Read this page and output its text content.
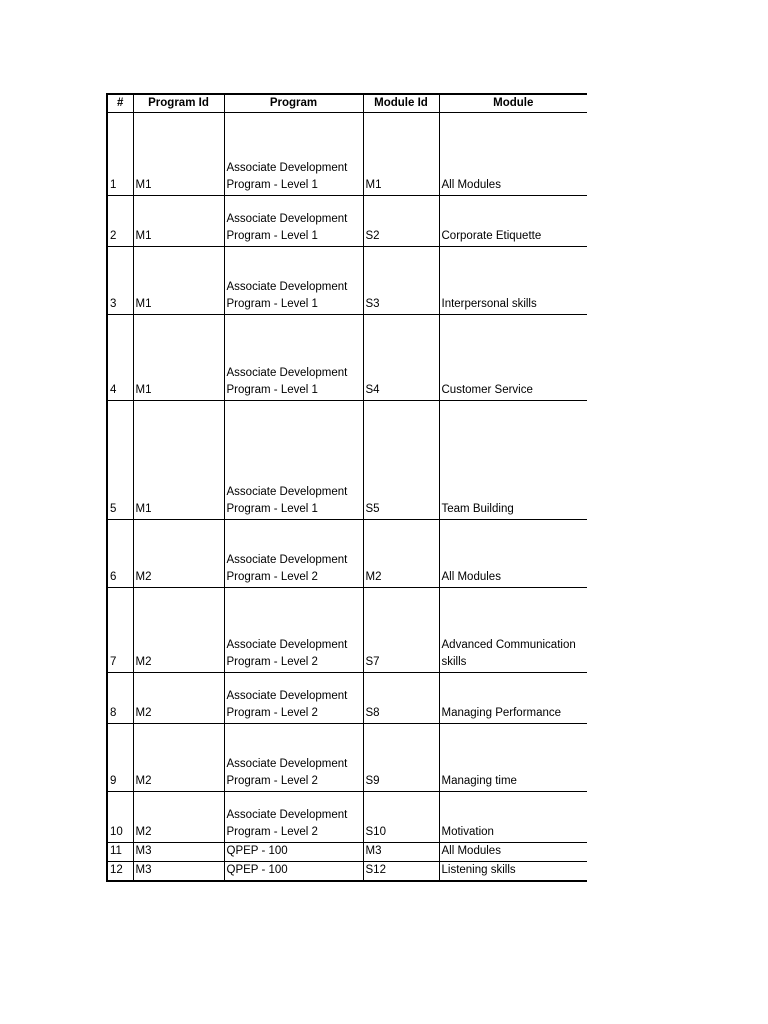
#	Program Id	Program	Module Id	Module

1	M1	Associate Development Program - Level 1	M1	All Modules

2	M1	Associate Development Program - Level 1	S2	Corporate Etiquette

3	M1	Associate Development Program - Level 1	S3	Interpersonal skills

4	M1	Associate Development Program - Level 1	S4	Customer Service

5	M1	Associate Development Program - Level 1	S5	Team Building

6	M2	Associate Development Program - Level 2	M2	All Modules

7	M2	Associate Development Program - Level 2	S7	Advanced Communication skills

8	M2	Associate Development Program - Level 2	S8	Managing Performance

9	M2	Associate Development Program - Level 2	S9	Managing time

10	M2	Associate Development Program - Level 2	S10	Motivation

11	M3	QPEP - 100	M3	All Modules

12	M3	QPEP - 100	S12	Listening skills
